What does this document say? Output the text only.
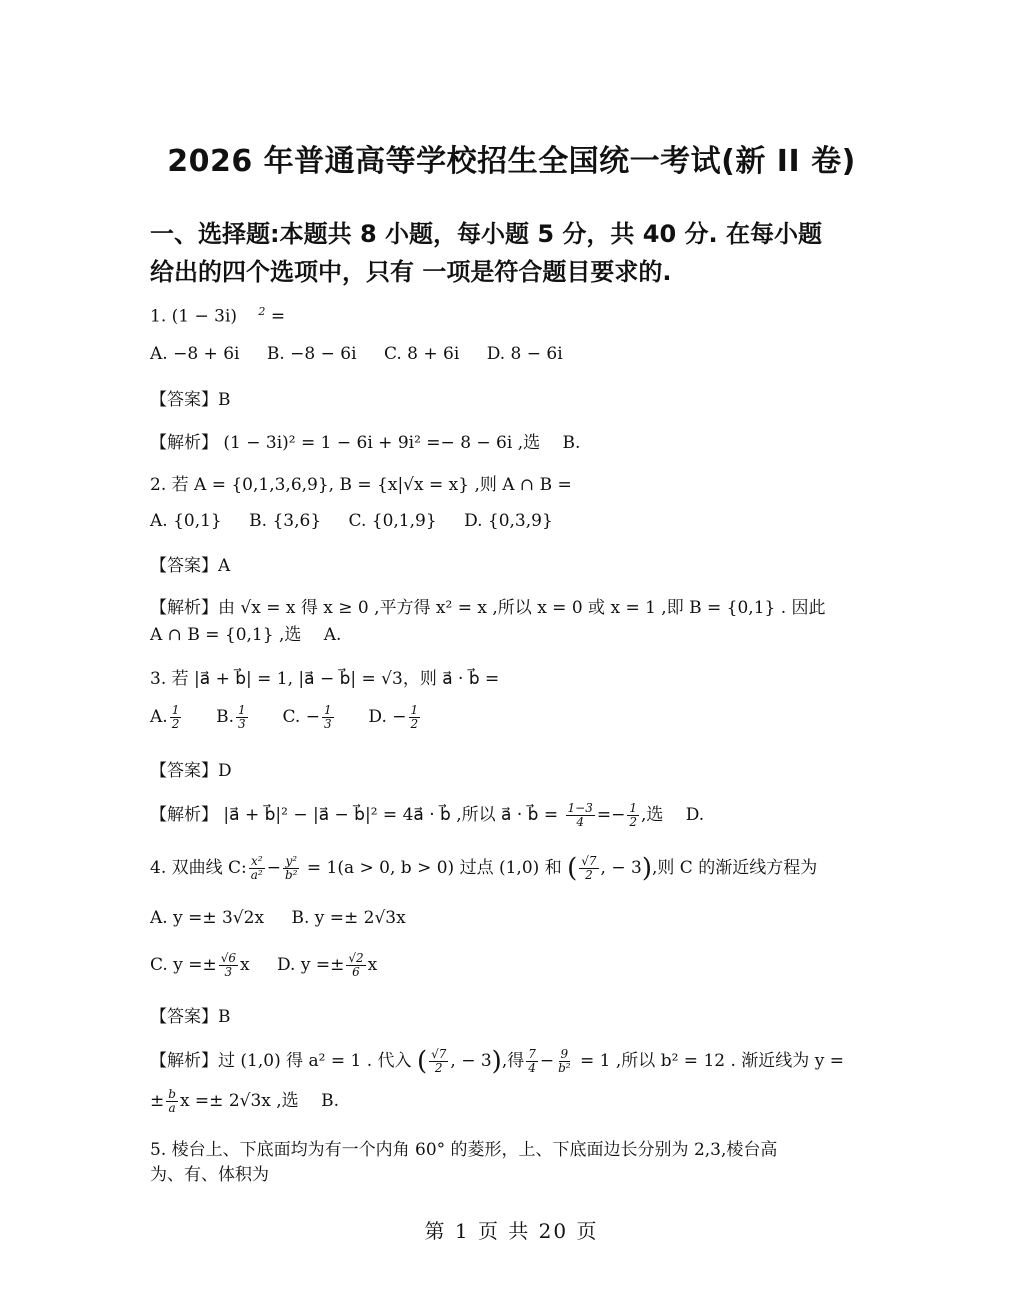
2026 年普通高等学校招生全国统一考试(新 II 卷)
一、选择题:本题共 8 小题，每小题 5 分，共 40 分. 在每小题
给出的四个选项中，只有 一项是符合题目要求的.
1. (1 − 3i) $^2$ =
A. −8 + 6i B. −8 − 6i C. 8 + 6i D. 8 − 6i
【答案】B
【解析】 (1 − 3i)² = 1 − 6i + 9i² =− 8 − 6i ,选 　B.
2. 若 A = {0,1,3,6,9}, B = {x|√x = x} ,则 A ∩ B =
A. {0,1} B. {3,6} C. {0,1,9} D. {0,3,9}
【答案】A
【解析】由 √x = x 得 x ≥ 0 ,平方得 x² = x ,所以 x = 0 或 x = 1 ,即 B = {0,1} . 因此
A ∩ B = {0,1} ,选 　A.
3. 若 |a⃗ + b⃗| = 1, |a⃗ − b⃗| = √3，则 a⃗ · b⃗ =
A. $\frac{1}{2} B$. $\frac{1}{3} C$. − $\frac{1}{3} D$. − $\frac{1}{2}$
【答案】D
【解析】 |a⃗ + b⃗|² − |a⃗ − b⃗|² = 4a⃗ · b⃗ ,所以 a⃗ · b⃗ = $\frac{1-3}{4} =- \frac{1}{2}$ ,选 　D.
4. 双曲线 C: $\frac{\text{x²}}{\text{a²}} - \frac{\text{y²}}{\text{b²}} = 1(a > 0$, b > 0) 过点 (1,0) 和 ( $\frac{√7}{2}$ , − 3),则 C 的渐近线方程为
A. y =± 3√2x B. y =± 2√3x
C. $y =\pm \frac{√6}{3}$ x D. $y =\pm \frac{√2}{6}$ x
【答案】B
【解析】过 (1,0) 得 a² = 1 . 代入 ( $\frac{√7}{2}$ , − 3),得 $\frac{7}{4} - \frac{9}{\text{b²}} = 1$ ,所以 b² = 12 . 渐近线为 y =
± $\frac{b}{a}$ x =± 2√3x ,选 　B.
5. 棱台上、下底面均为有一个内角 60° 的菱形，上、下底面边长分别为 2,3,棱台高
为、有、体积为
第 1 页 共 20 页
